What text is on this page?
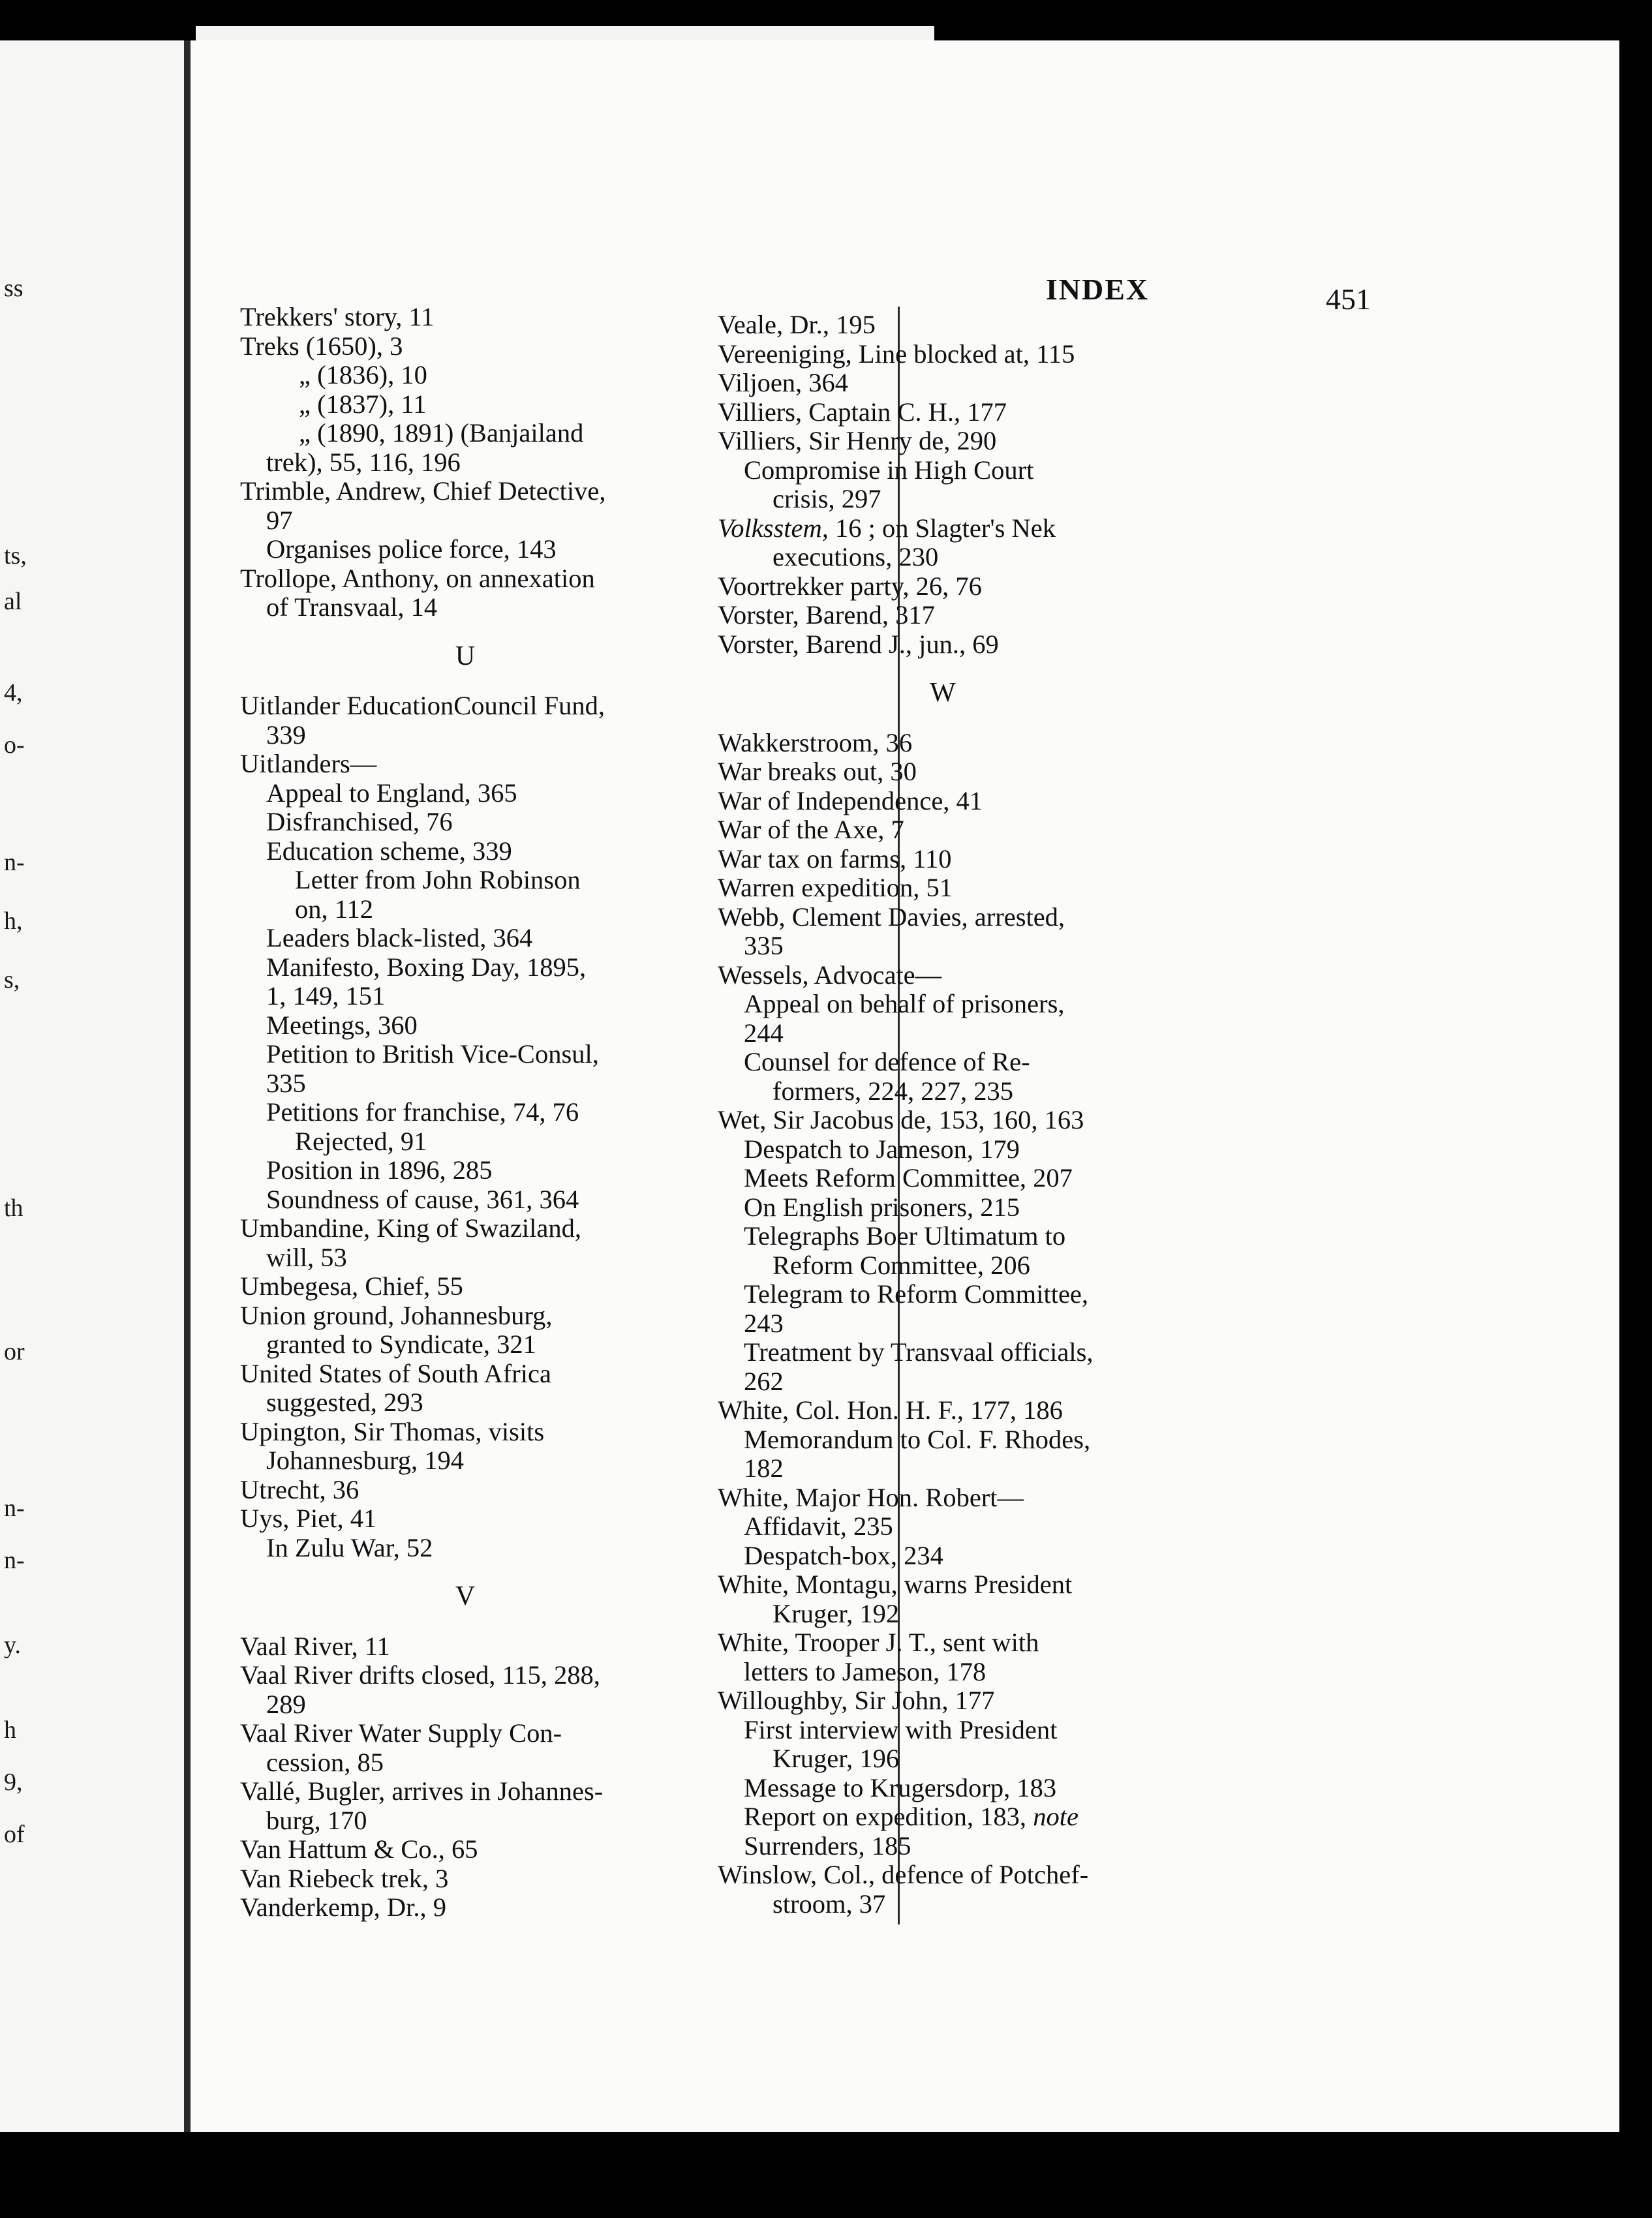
ss
ts,
al
4,
o-
n-
h,
s,
th
or
n-
n-
y.
h
9,
of
INDEX	451
Trekkers' story, 11
Treks (1650), 3
„ (1836), 10
„ (1837), 11
„ (1890, 1891) (Banjailand
trek), 55, 116, 196
Trimble, Andrew, Chief Detective,
97
Organises police force, 143
Trollope, Anthony, on annexation
of Transvaal, 14
U
Uitlander EducationCouncil Fund,
339
Uitlanders—
Appeal to England, 365
Disfranchised, 76
Education scheme, 339
Letter from John Robinson
on, 112
Leaders black-listed, 364
Manifesto, Boxing Day, 1895,
1, 149, 151
Meetings, 360
Petition to British Vice-Consul,
335
Petitions for franchise, 74, 76
Rejected, 91
Position in 1896, 285
Soundness of cause, 361, 364
Umbandine, King of Swaziland,
will, 53
Umbegesa, Chief, 55
Union ground, Johannesburg,
granted to Syndicate, 321
United States of South Africa
suggested, 293
Upington, Sir Thomas, visits
Johannesburg, 194
Utrecht, 36
Uys, Piet, 41
In Zulu War, 52
V
Vaal River, 11
Vaal River drifts closed, 115, 288,
289
Vaal River Water Supply Con-
cession, 85
Vallé, Bugler, arrives in Johannes-
burg, 170
Van Hattum & Co., 65
Van Riebeck trek, 3
Vanderkemp, Dr., 9
Veale, Dr., 195
Vereeniging, Line blocked at, 115
Viljoen, 364
Villiers, Captain C. H., 177
Villiers, Sir Henry de, 290
Compromise in High Court
crisis, 297
Volksstem, 16 ; on Slagter's Nek
executions, 230
Voortrekker party, 26, 76
Vorster, Barend, 317
Vorster, Barend J., jun., 69
W
Wakkerstroom, 36
War breaks out, 30
War of Independence, 41
War of the Axe, 7
War tax on farms, 110
Warren expedition, 51
Webb, Clement Davies, arrested,
335
Wessels, Advocate—
Appeal on behalf of prisoners,
244
Counsel for defence of Re-
formers, 224, 227, 235
Wet, Sir Jacobus de, 153, 160, 163
Despatch to Jameson, 179
Meets Reform Committee, 207
On English prisoners, 215
Telegraphs Boer Ultimatum to
Reform Committee, 206
Telegram to Reform Committee,
243
Treatment by Transvaal officials,
262
White, Col. Hon. H. F., 177, 186
Memorandum to Col. F. Rhodes,
182
White, Major Hon. Robert—
Affidavit, 235
Despatch-box, 234
White, Montagu, warns President
Kruger, 192
White, Trooper J. T., sent with
letters to Jameson, 178
Willoughby, Sir John, 177
First interview with President
Kruger, 196
Message to Krugersdorp, 183
Report on expedition, 183, note
Surrenders, 185
Winslow, Col., defence of Potchef-
stroom, 37
